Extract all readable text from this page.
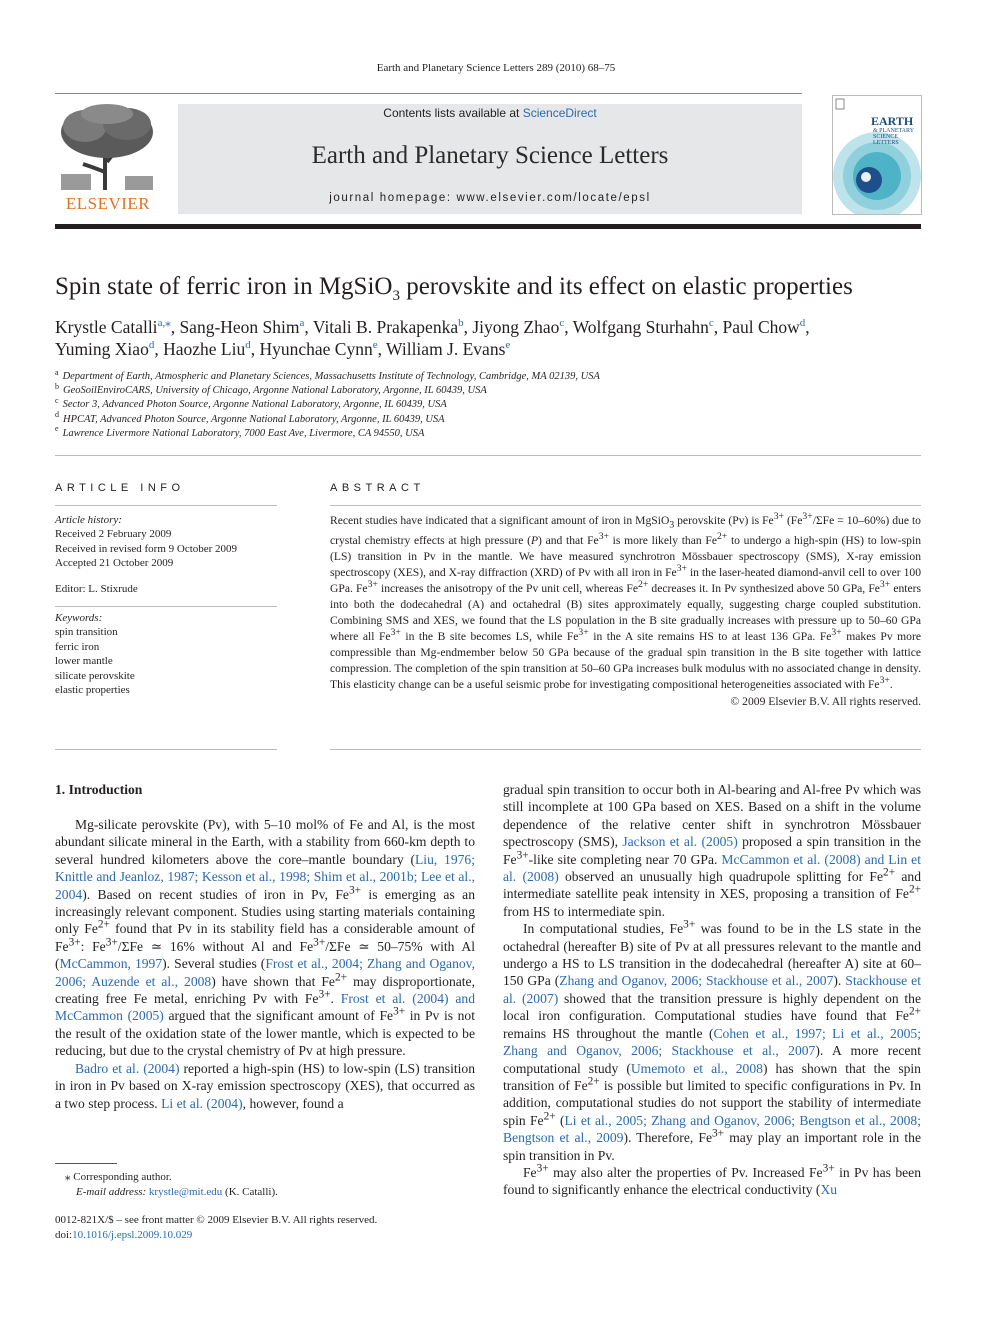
Earth and Planetary Science Letters 289 (2010) 68–75
ELSEVIER
Contents lists available at ScienceDirect
Earth and Planetary Science Letters
journal homepage: www.elsevier.com/locate/epsl
EARTH
& PLANETARY SCIENCE LETTERS
Spin state of ferric iron in MgSiO$_3$ perovskite and its effect on elastic properties
Krystle Catalli$^{a,⁎}$, Sang-Heon Shim$^a$, Vitali B. Prakapenka$^b$, Jiyong Zhao$^c$, Wolfgang Sturhahn$^c$, Paul Chow$^d$,
Yuming Xiao$^d$, Haozhe Liu$^d$, Hyunchae Cynn$^e$, William J. Evans$^e$
$^a$ Department of Earth, Atmospheric and Planetary Sciences, Massachusetts Institute of Technology, Cambridge, MA 02139, USA
$^b$ GeoSoilEnviroCARS, University of Chicago, Argonne National Laboratory, Argonne, IL 60439, USA
$^c$ Sector 3, Advanced Photon Source, Argonne National Laboratory, Argonne, IL 60439, USA
$^d$ HPCAT, Advanced Photon Source, Argonne National Laboratory, Argonne, IL 60439, USA
$^e$ Lawrence Livermore National Laboratory, 7000 East Ave, Livermore, CA 94550, USA
ARTICLE INFO
Article history:
Received 2 February 2009
Received in revised form 9 October 2009
Accepted 21 October 2009
Editor: L. Stixrude
Keywords:
spin transition
ferric iron
lower mantle
silicate perovskite
elastic properties
ABSTRACT
Recent studies have indicated that a significant amount of iron in MgSiO$_3$ perovskite (Pv) is $Fe^{3+}$ ($Fe^{3+}$/ΣFe = 10–60%) due to crystal chemistry effects at high pressure (P) and that $Fe^{3+}$ is more likely than $Fe^{2+}$ to undergo a high-spin (HS) to low-spin (LS) transition in Pv in the mantle. We have measured synchrotron Mössbauer spectroscopy (SMS), X-ray emission spectroscopy (XES), and X-ray diffraction (XRD) of Pv with all iron in $Fe^{3+}$ in the laser-heated diamond-anvil cell to over 100 GPa. $Fe^{3+}$ increases the anisotropy of the Pv unit cell, whereas $Fe^{2+}$ decreases it. In Pv synthesized above 50 GPa, $Fe^{3+}$ enters into both the dodecahedral (A) and octahedral (B) sites approximately equally, suggesting charge coupled substitution. Combining SMS and XES, we found that the LS population in the B site gradually increases with pressure up to 50–60 GPa where all $Fe^{3+}$ in the B site becomes LS, while $Fe^{3+}$ in the A site remains HS to at least 136 GPa. $Fe^{3+}$ makes Pv more compressible than Mg-endmember below 50 GPa because of the gradual spin transition in the B site together with lattice compression. The completion of the spin transition at 50–60 GPa increases bulk modulus with no associated change in density. This elasticity change can be a useful seismic probe for investigating compositional heterogeneities associated with $Fe^{3+}$.
© 2009 Elsevier B.V. All rights reserved.
1. Introduction

Mg-silicate perovskite (Pv), with 5–10 mol% of Fe and Al, is the most abundant silicate mineral in the Earth, with a stability from 660-km depth to several hundred kilometers above the core–mantle boundary (Liu, 1976; Knittle and Jeanloz, 1987; Kesson et al., 1998; Shim et al., 2001b; Lee et al., 2004). Based on recent studies of iron in Pv, $Fe^{3+}$ is emerging as an increasingly relevant component. Studies using starting materials containing only $Fe^{2+}$ found that Pv in its stability field has a considerable amount of $Fe^{3+}$: $Fe^{3+}$/ΣFe ≃ 16% without Al and $Fe^{3+}$/ΣFe ≃ 50–75% with Al (McCammon, 1997). Several studies (Frost et al., 2004; Zhang and Oganov, 2006; Auzende et al., 2008) have shown that $Fe^{2+}$ may disproportionate, creating free Fe metal, enriching Pv with $Fe^{3+}$. Frost et al. (2004) and McCammon (2005) argued that the significant amount of $Fe^{3+}$ in Pv is not the result of the oxidation state of the lower mantle, which is expected to be reducing, but due to the crystal chemistry of Pv at high pressure.

Badro et al. (2004) reported a high-spin (HS) to low-spin (LS) transition in iron in Pv based on X-ray emission spectroscopy (XES), that occurred as a two step process. Li et al. (2004), however, found a

gradual spin transition to occur both in Al-bearing and Al-free Pv which was still incomplete at 100 GPa based on XES. Based on a shift in the volume dependence of the relative center shift in synchrotron Mössbauer spectroscopy (SMS), Jackson et al. (2005) proposed a spin transition in the $Fe^{3+}$-like site completing near 70 GPa. McCammon et al. (2008) and Lin et al. (2008) observed an unusually high quadrupole splitting for $Fe^{2+}$ and intermediate satellite peak intensity in XES, proposing a transition of $Fe^{2+}$ from HS to intermediate spin.

In computational studies, $Fe^{3+}$ was found to be in the LS state in the octahedral (hereafter B) site of Pv at all pressures relevant to the mantle and undergo a HS to LS transition in the dodecahedral (hereafter A) site at 60–150 GPa (Zhang and Oganov, 2006; Stackhouse et al., 2007). Stackhouse et al. (2007) showed that the transition pressure is highly dependent on the local iron configuration. Computational studies have found that $Fe^{2+}$ remains HS throughout the mantle (Cohen et al., 1997; Li et al., 2005; Zhang and Oganov, 2006; Stackhouse et al., 2007). A more recent computational study (Umemoto et al., 2008) has shown that the spin transition of $Fe^{2+}$ is possible but limited to specific configurations in Pv. In addition, computational studies do not support the stability of intermediate spin $Fe^{2+}$ (Li et al., 2005; Zhang and Oganov, 2006; Bengtson et al., 2008; Bengtson et al., 2009). Therefore, $Fe^{3+}$ may play an important role in the spin transition in Pv.

$Fe^{3+}$ may also alter the properties of Pv. Increased $Fe^{3+}$ in Pv has been found to significantly enhance the electrical conductivity (Xu

⁎ Corresponding author.
E-mail address: krystle@mit.edu (K. Catalli).
0012-821X/$ – see front matter © 2009 Elsevier B.V. All rights reserved.
doi:10.1016/j.epsl.2009.10.029
